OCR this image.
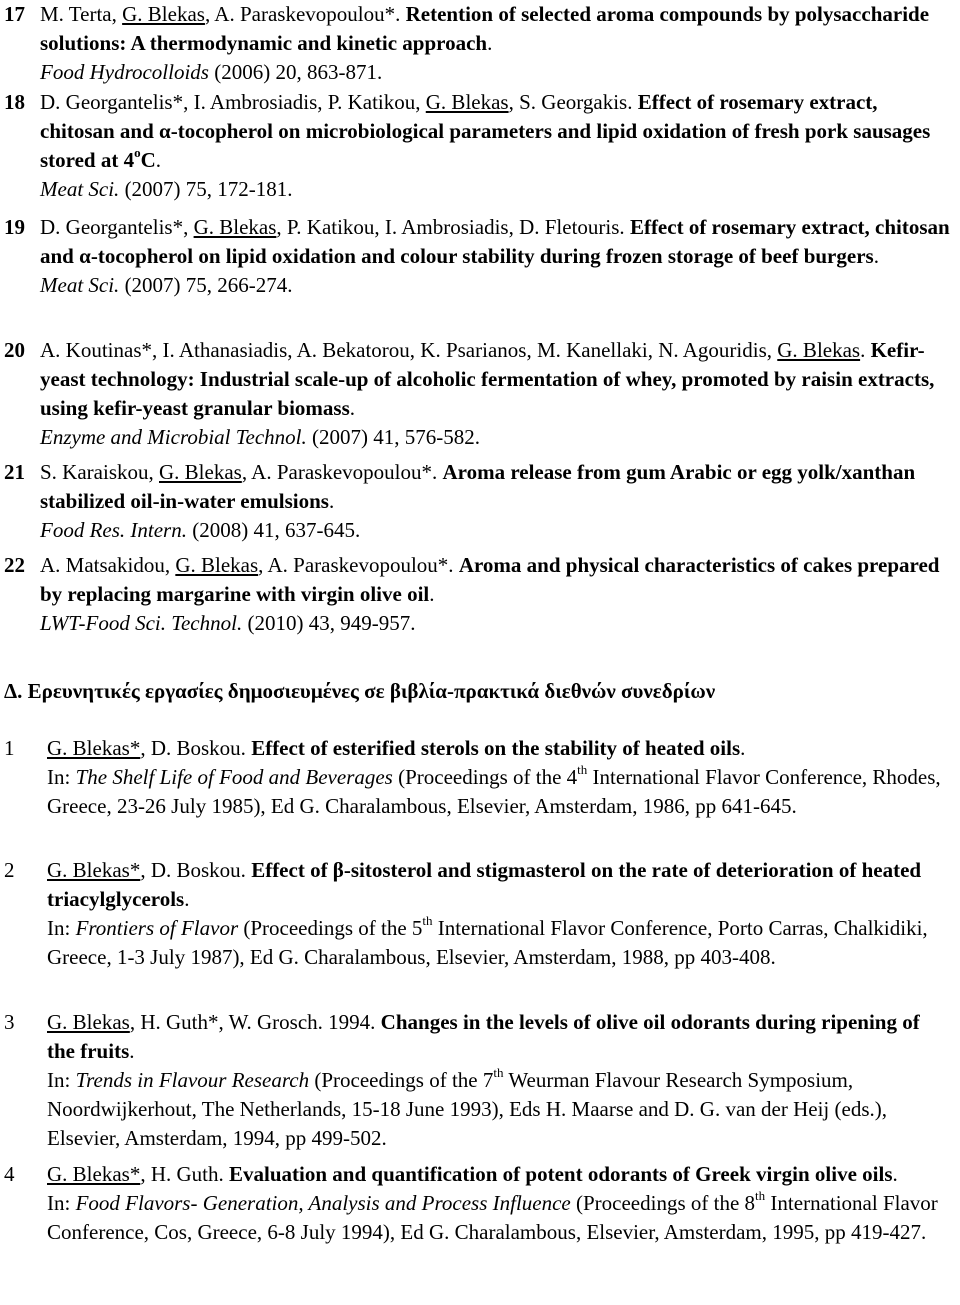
17 M. Terta, G. Blekas, A. Paraskevopoulou*. Retention of selected aroma compounds by polysaccharide solutions: A thermodynamic and kinetic approach.
Food Hydrocolloids (2006) 20, 863-871.
18 D. Georgantelis*, I. Ambrosiadis, P. Katikou, G. Blekas, S. Georgakis. Effect of rosemary extract, chitosan and α-tocopherol on microbiological parameters and lipid oxidation of fresh pork sausages stored at 4$^o$C.
Meat Sci. (2007) 75, 172-181.
19 D. Georgantelis*, G. Blekas, P. Katikou, I. Ambrosiadis, D. Fletouris. Effect of rosemary extract, chitosan and α-tocopherol on lipid oxidation and colour stability during frozen storage of beef burgers.
Meat Sci. (2007) 75, 266-274.
20 A. Koutinas*, I. Athanasiadis, A. Bekatorou, K. Psarianos, M. Kanellaki, N. Agouridis, G. Blekas. Kefir-yeast technology: Industrial scale-up of alcoholic fermentation of whey, promoted by raisin extracts, using kefir-yeast granular biomass.
Enzyme and Microbial Technol. (2007) 41, 576-582.
21 S. Karaiskou, G. Blekas, A. Paraskevopoulou*. Aroma release from gum Arabic or egg yolk/xanthan stabilized oil-in-water emulsions.
Food Res. Intern. (2008) 41, 637-645.
22 A. Matsakidou, G. Blekas, A. Paraskevopoulou*. Aroma and physical characteristics of cakes prepared by replacing margarine with virgin olive oil.
LWT-Food Sci. Technol. (2010) 43, 949-957.
Δ. Ερευνητικές εργασίες δημοσιευμένες σε βιβλία-πρακτικά διεθνών συνεδρίων
1	G. Blekas*, D. Boskou. Effect of esterified sterols on the stability of heated oils.
In: The Shelf Life of Food and Beverages (Proceedings of the 4th International Flavor Conference, Rhodes, Greece, 23-26 July 1985), Ed G. Charalambous, Elsevier, Amsterdam, 1986, pp 641-645.
2	G. Blekas*, D. Boskou. Effect of β-sitosterol and stigmasterol on the rate of deterioration of heated triacylglycerols.
In: Frontiers of Flavor (Proceedings of the 5th International Flavor Conference, Porto Carras, Chalkidiki, Greece, 1-3 July 1987), Ed G. Charalambous, Elsevier, Amsterdam, 1988, pp 403-408.
3	G. Blekas, H. Guth*, W. Grosch. 1994. Changes in the levels of olive oil odorants during ripening of the fruits.
In: Trends in Flavour Research (Proceedings of the 7th Weurman Flavour Research Symposium, Noordwijkerhout, The Netherlands, 15-18 June 1993), Eds H. Maarse and D. G. van der Heij (eds.), Elsevier, Amsterdam, 1994, pp 499-502.
4	G. Blekas*, H. Guth. Evaluation and quantification of potent odorants of Greek virgin olive oils.
In: Food Flavors- Generation, Analysis and Process Influence (Proceedings of the 8th International Flavor Conference, Cos, Greece, 6-8 July 1994), Ed G. Charalambous, Elsevier, Amsterdam, 1995, pp 419-427.
